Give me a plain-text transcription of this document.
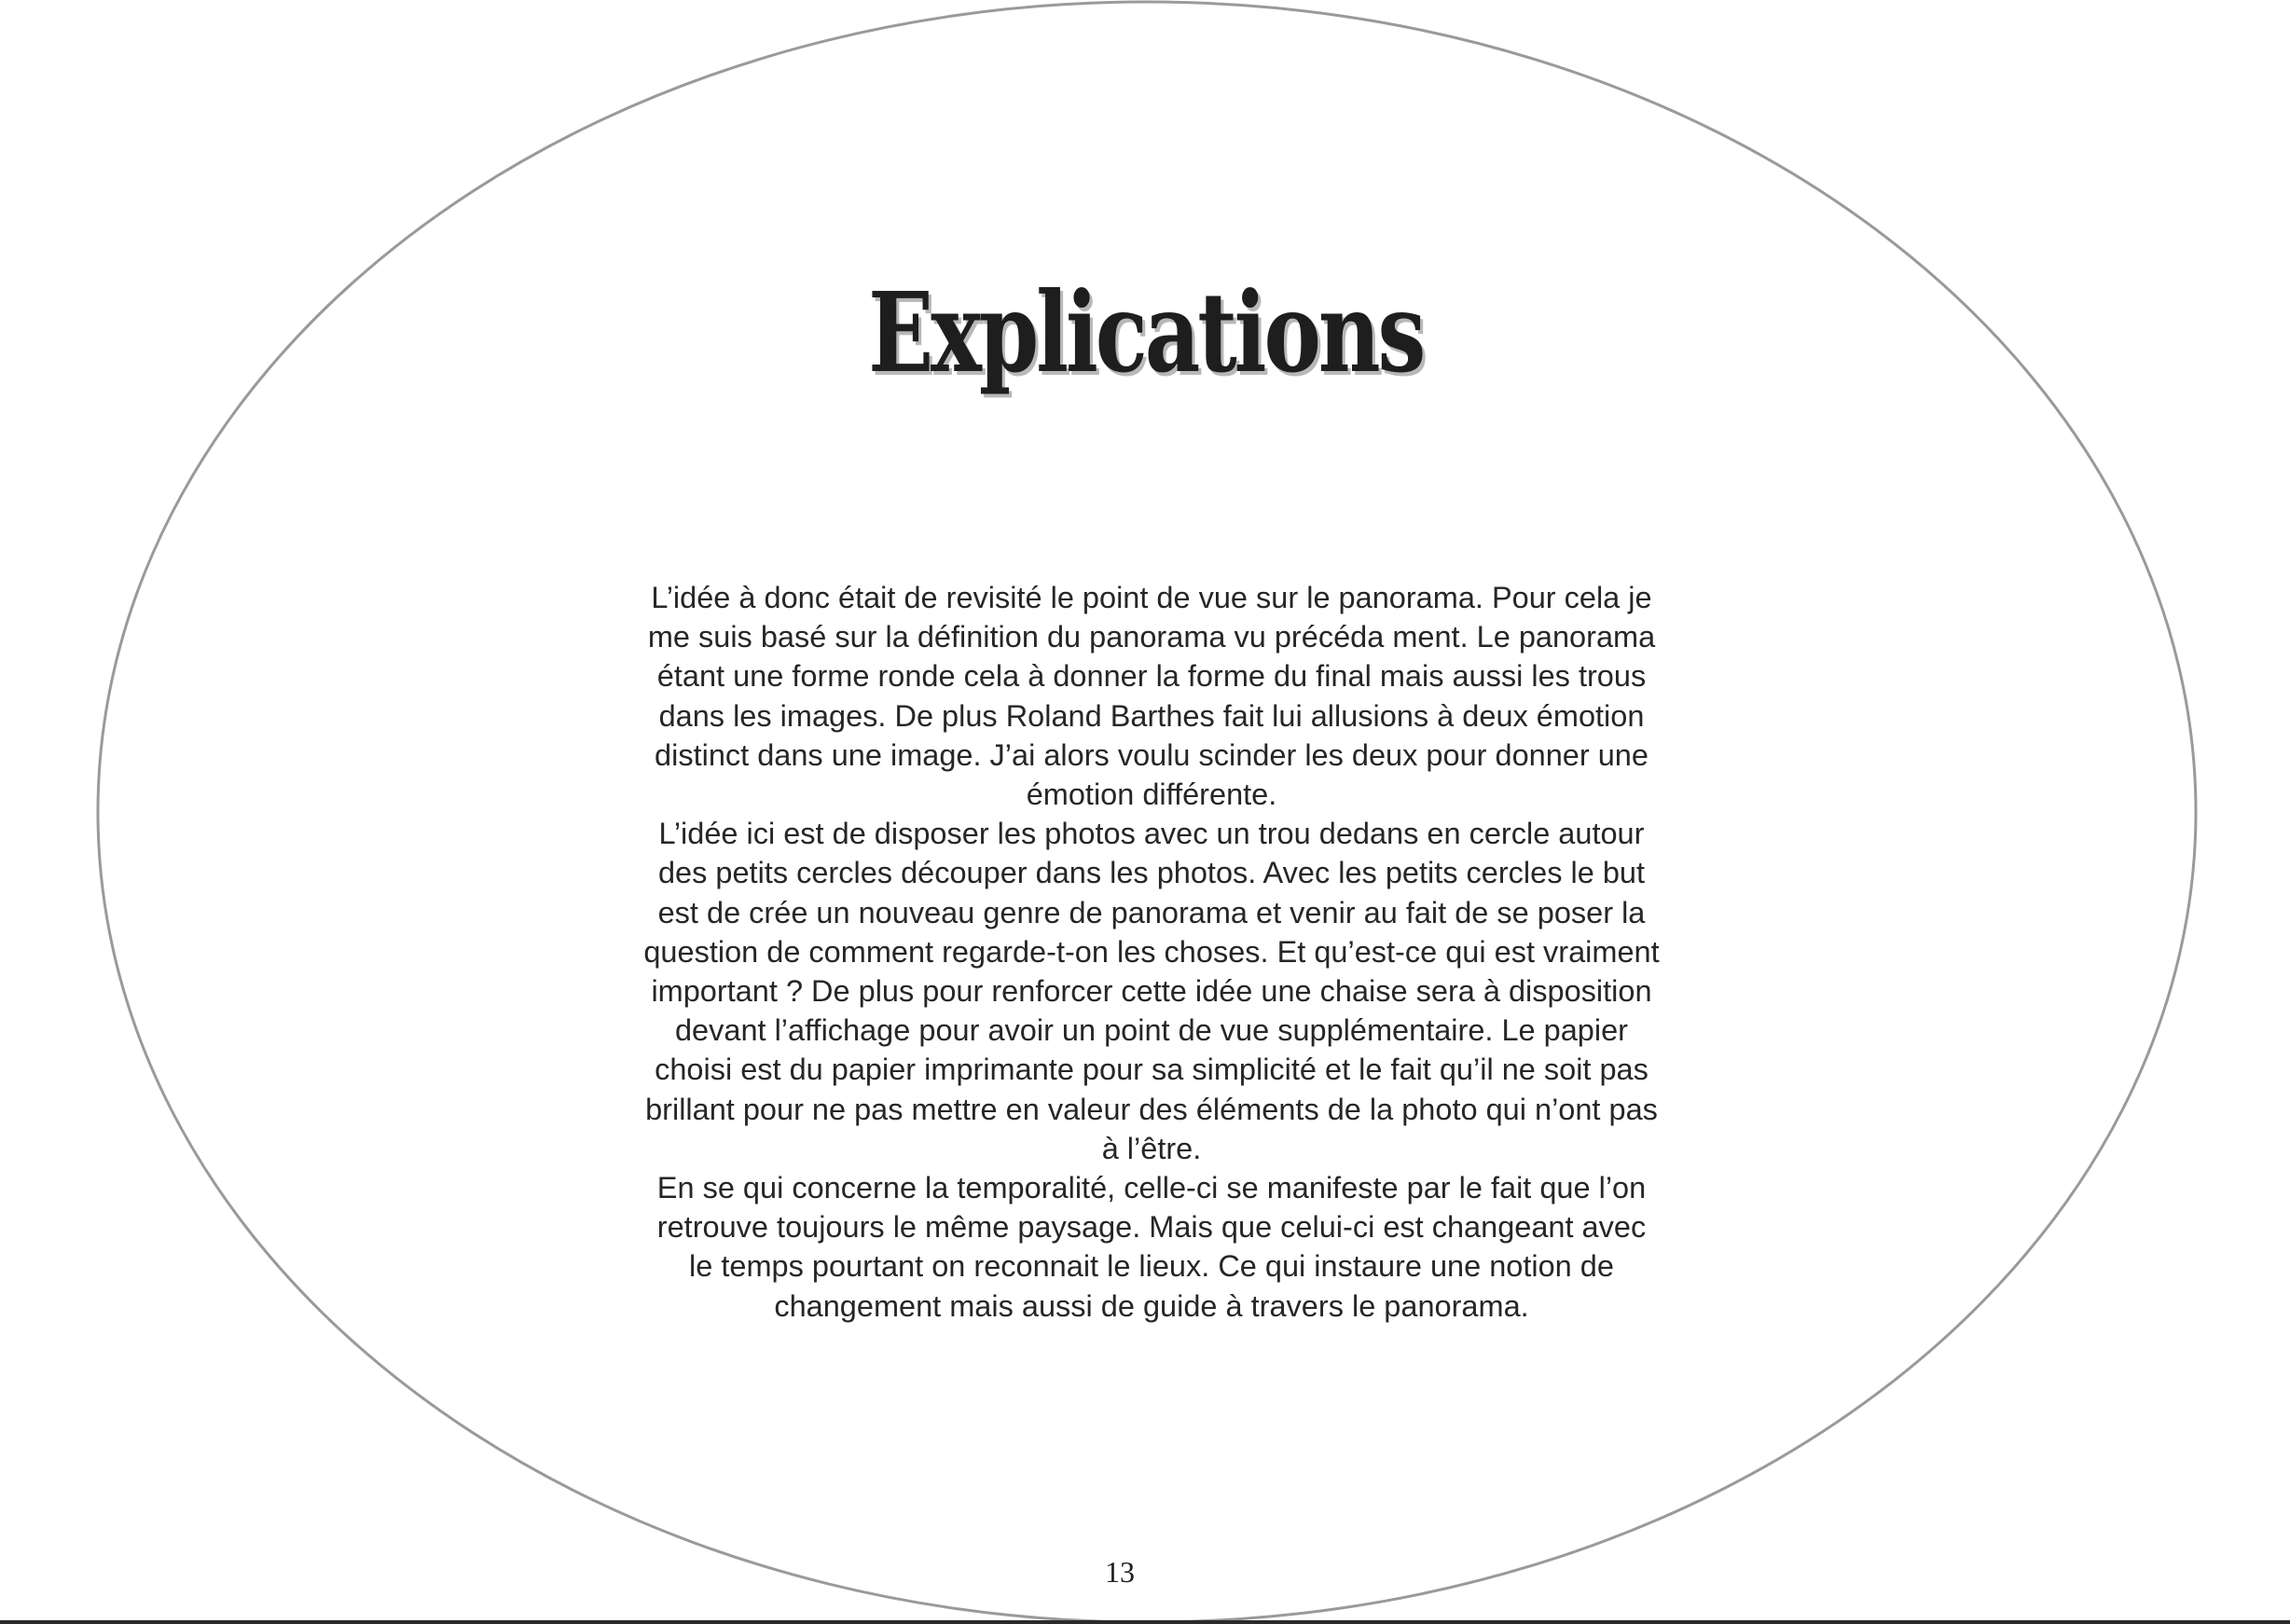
Explications

L’idée à donc était de revisité le point de vue sur le panorama. Pour cela je me suis basé sur la définition du panorama vu précéda ment. Le panorama étant une forme ronde cela à donner la forme du final mais aussi les trous dans les images. De plus Roland Barthes fait lui allusions à deux émotion distinct dans une image. J’ai alors voulu scinder les deux pour donner une émotion différente.

L’idée ici est de disposer les photos avec un trou dedans en cercle autour des petits cercles découper dans les photos. Avec les petits cercles le but est de crée un nouveau genre de panorama et venir au fait de se poser la question de comment regarde-t-on les choses. Et qu’est-ce qui est vraiment important ? De plus pour renforcer cette idée une chaise sera à disposition devant l’affichage pour avoir un point de vue supplémentaire. Le papier choisi est du papier imprimante pour sa simplicité et le fait qu’il ne soit pas brillant pour ne pas mettre en valeur des éléments de la photo qui n’ont pas à l’être.

En se qui concerne la temporalité, celle-ci se manifeste par le fait que l’on retrouve toujours le même paysage. Mais que celui-ci est changeant avec le temps pourtant on reconnait le lieux. Ce qui instaure une notion de changement mais aussi de guide à travers le panorama.

13
